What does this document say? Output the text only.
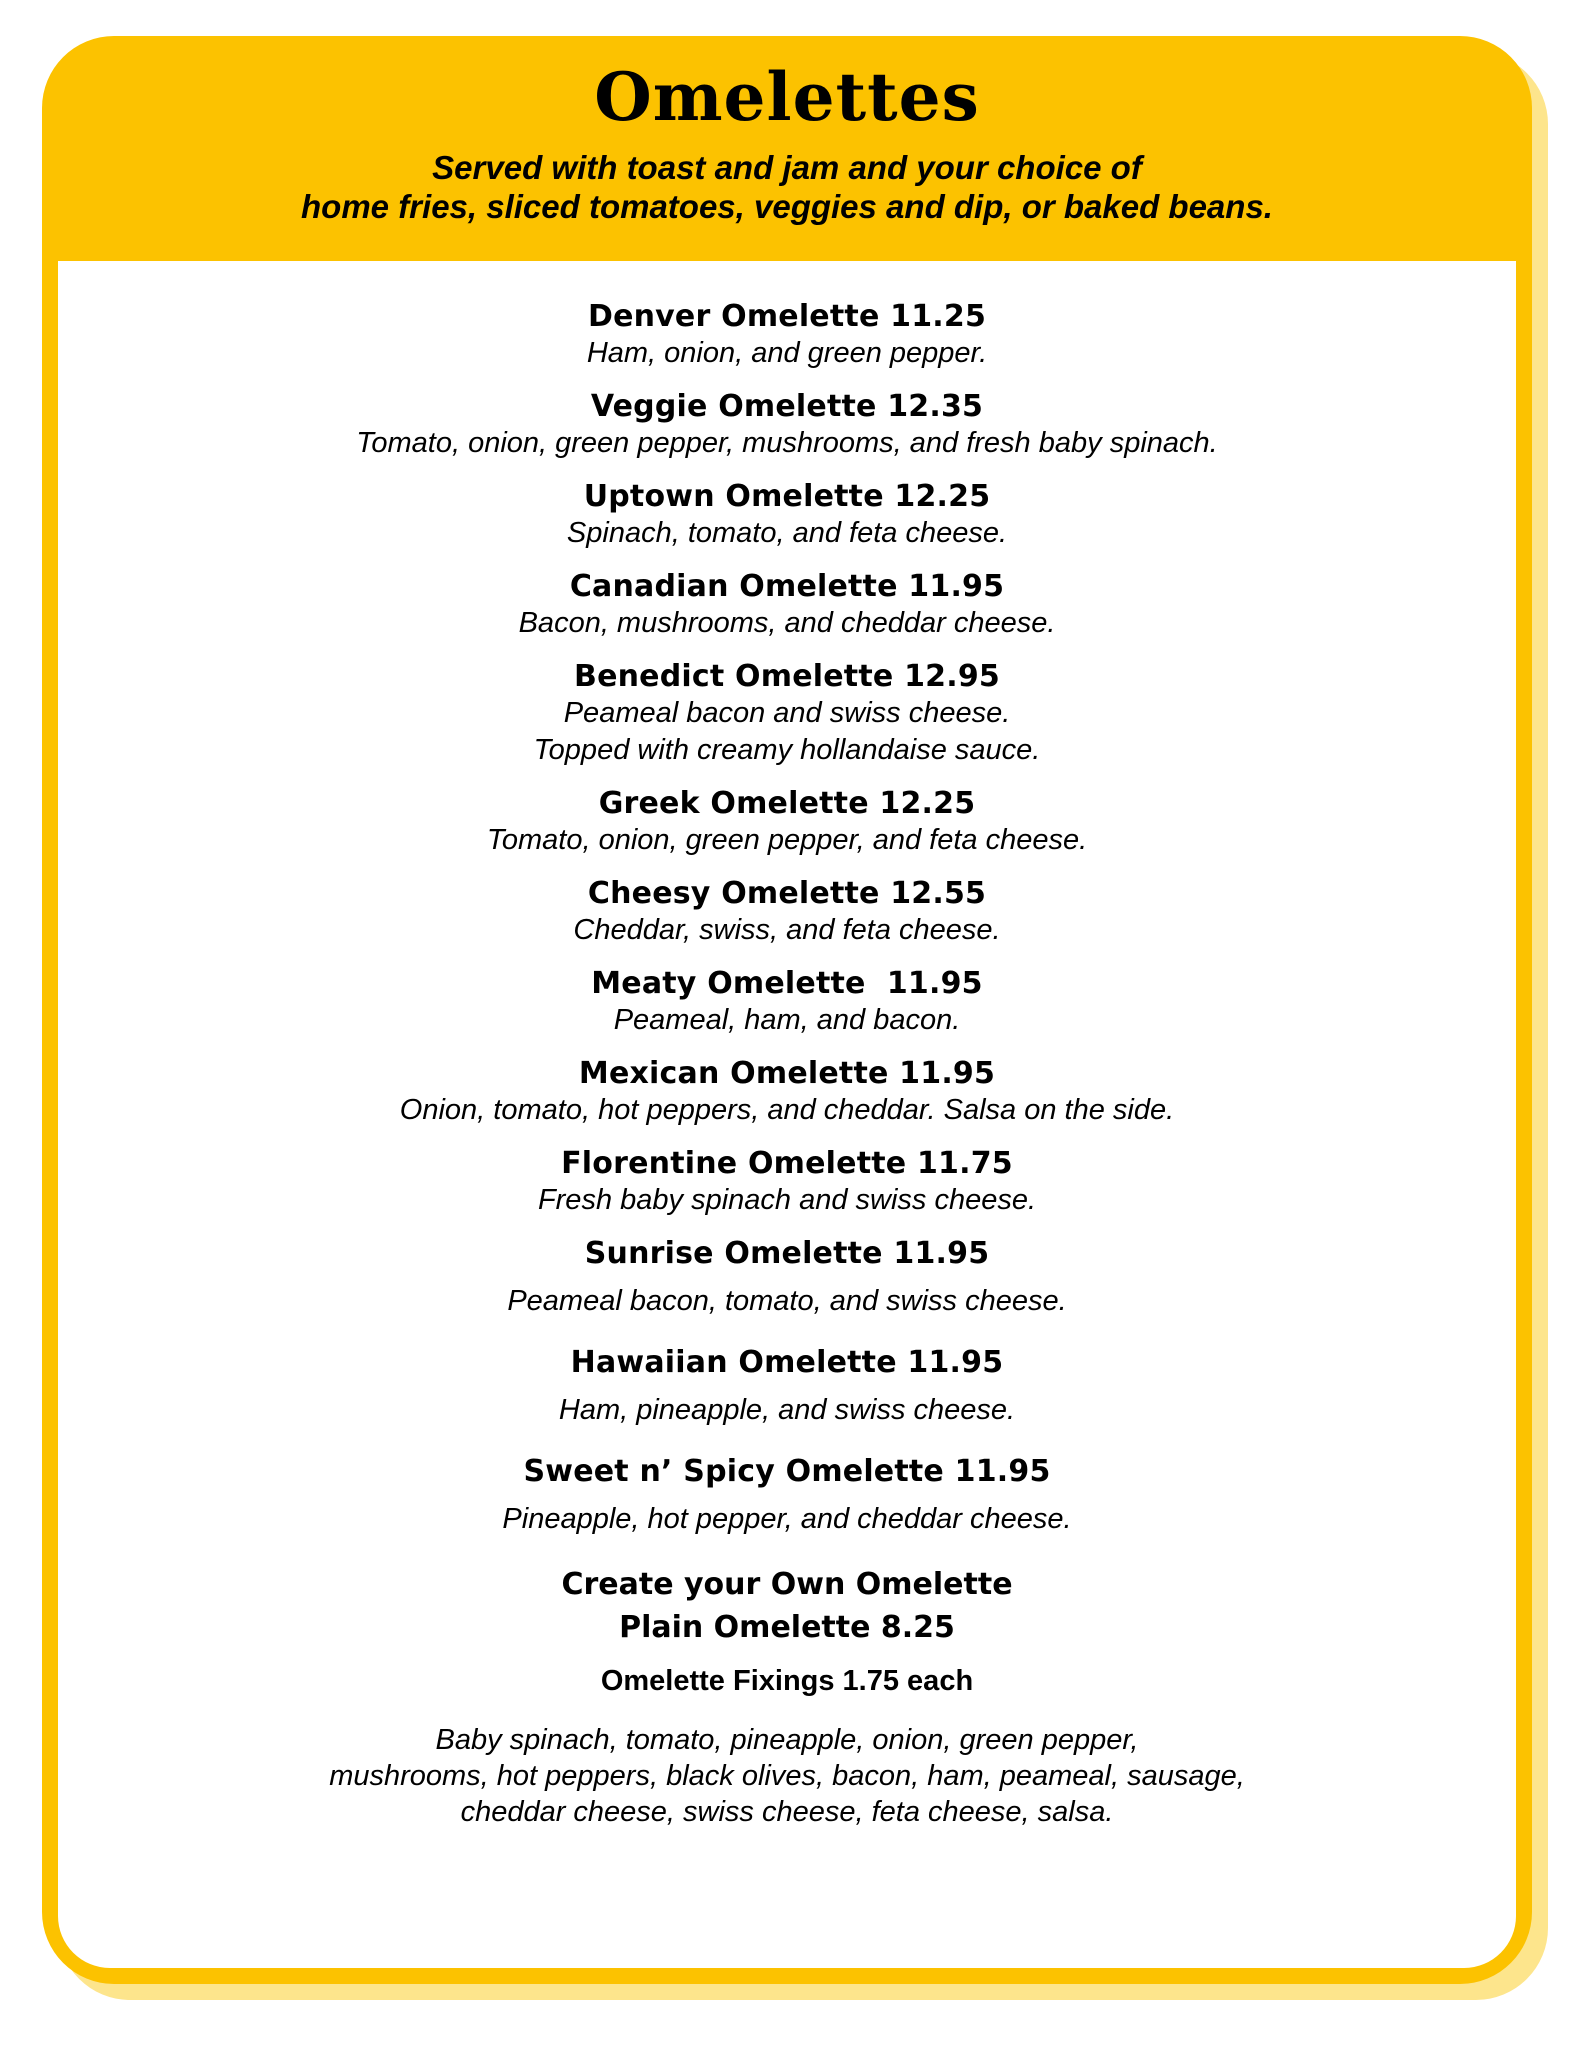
Omelettes

Served with toast and jam and your choice of
home fries, sliced tomatoes, veggies and dip, or baked beans.

Denver Omelette 11.25
Ham, onion, and green pepper.
Veggie Omelette 12.35
Tomato, onion, green pepper, mushrooms, and fresh baby spinach.
Uptown Omelette 12.25
Spinach, tomato, and feta cheese.
Canadian Omelette 11.95
Bacon, mushrooms, and cheddar cheese.
Benedict Omelette 12.95
Peameal bacon and swiss cheese.
Topped with creamy hollandaise sauce.
Greek Omelette 12.25
Tomato, onion, green pepper, and feta cheese.
Cheesy Omelette 12.55
Cheddar, swiss, and feta cheese.
Meaty Omelette  11.95
Peameal, ham, and bacon.
Mexican Omelette 11.95
Onion, tomato, hot peppers, and cheddar. Salsa on the side.
Florentine Omelette 11.75
Fresh baby spinach and swiss cheese.
Sunrise Omelette 11.95
Peameal bacon, tomato, and swiss cheese.
Hawaiian Omelette 11.95
Ham, pineapple, and swiss cheese.
Sweet n’ Spicy Omelette 11.95
Pineapple, hot pepper, and cheddar cheese.
Create your Own Omelette
Plain Omelette 8.25
Omelette Fixings 1.75 each
Baby spinach, tomato, pineapple, onion, green pepper,
mushrooms, hot peppers, black olives, bacon, ham, peameal, sausage,
cheddar cheese, swiss cheese, feta cheese, salsa.
